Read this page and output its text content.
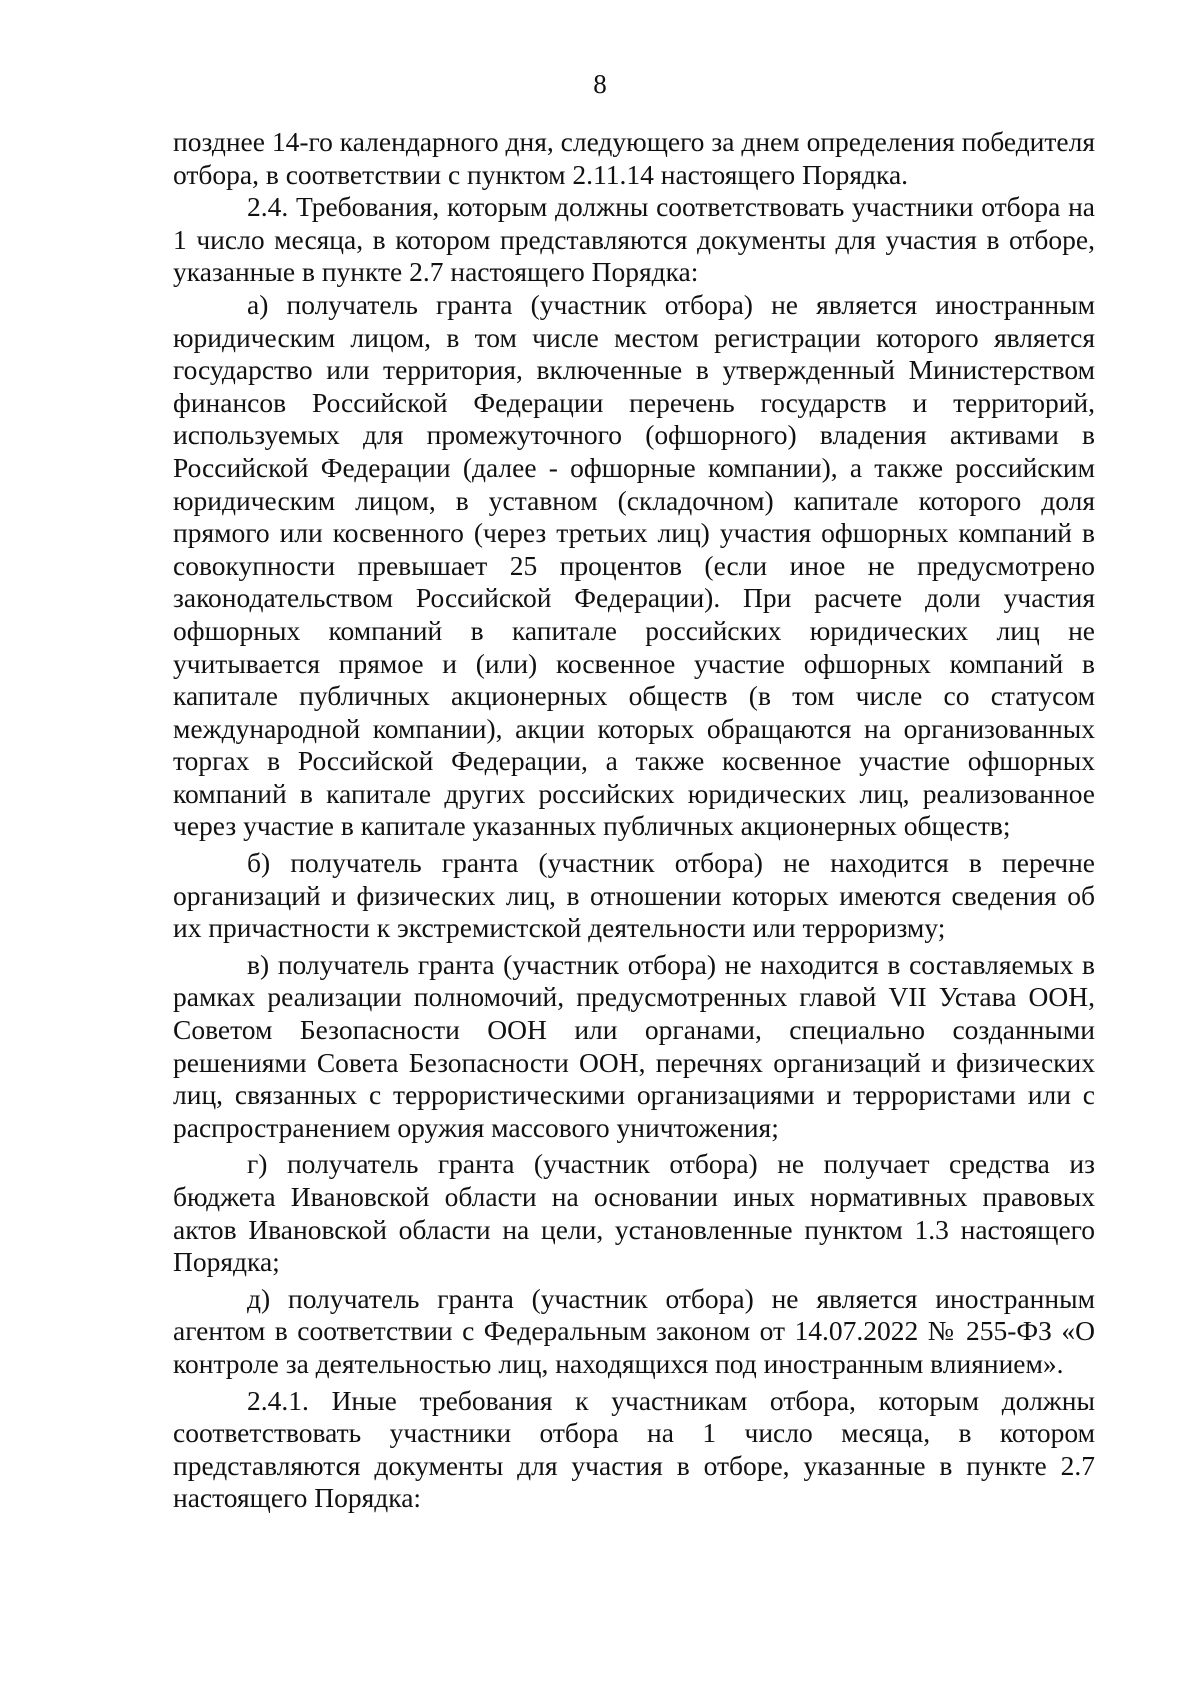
8

позднее 14-го календарного дня, следующего за днем определения победителя отбора, в соответствии с пунктом 2.11.14 настоящего Порядка.

2.4. Требования, которым должны соответствовать участники отбора на 1 число месяца, в котором представляются документы для участия в отборе, указанные в пункте 2.7 настоящего Порядка:

а) получатель гранта (участник отбора) не является иностранным юридическим лицом, в том числе местом регистрации которого является государство или территория, включенные в утвержденный Министерством финансов Российской Федерации перечень государств и территорий, используемых для промежуточного (офшорного) владения активами в Российской Федерации (далее - офшорные компании), а также российским юридическим лицом, в уставном (складочном) капитале которого доля прямого или косвенного (через третьих лиц) участия офшорных компаний в совокупности превышает 25 процентов (если иное не предусмотрено законодательством Российской Федерации). При расчете доли участия офшорных компаний в капитале российских юридических лиц не учитывается прямое и (или) косвенное участие офшорных компаний в капитале публичных акционерных обществ (в том числе со статусом международной компании), акции которых обращаются на организованных торгах в Российской Федерации, а также косвенное участие офшорных компаний в капитале других российских юридических лиц, реализованное через участие в капитале указанных публичных акционерных обществ;

б) получатель гранта (участник отбора) не находится в перечне организаций и физических лиц, в отношении которых имеются сведения об их причастности к экстремистской деятельности или терроризму;

в) получатель гранта (участник отбора) не находится в составляемых в рамках реализации полномочий, предусмотренных главой VII Устава ООН, Советом Безопасности ООН или органами, специально созданными решениями Совета Безопасности ООН, перечнях организаций и физических лиц, связанных с террористическими организациями и террористами или с распространением оружия массового уничтожения;

г) получатель гранта (участник отбора) не получает средства из бюджета Ивановской области на основании иных нормативных правовых актов Ивановской области на цели, установленные пунктом 1.3 настоящего Порядка;

д) получатель гранта (участник отбора) не является иностранным агентом в соответствии с Федеральным законом от 14.07.2022 № 255-ФЗ «О контроле за деятельностью лиц, находящихся под иностранным влиянием».

2.4.1. Иные требования к участникам отбора, которым должны соответствовать участники отбора на 1 число месяца, в котором представляются документы для участия в отборе, указанные в пункте 2.7 настоящего Порядка:
